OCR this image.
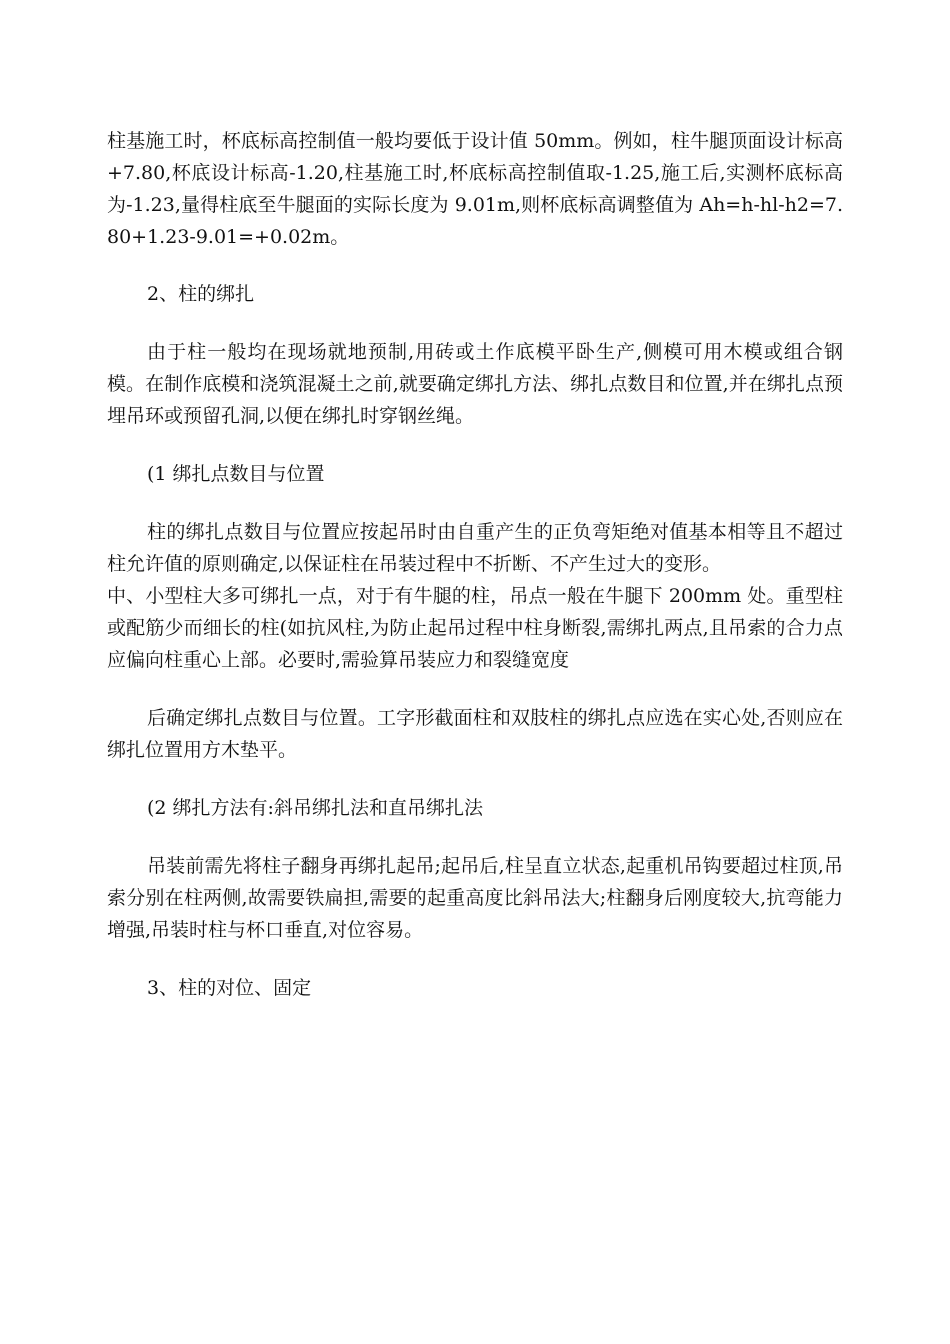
柱基施工时，杯底标高控制值一般均要低于设计值 50mm。例如，柱牛腿顶面设计标高+7.80,杯底设计标高-1.20,柱基施工时,杯底标高控制值取-1.25,施工后,实测杯底标高为-1.23,量得柱底至牛腿面的实际长度为 9.01m,则杯底标高调整值为 Ah=h-hl-h2=7.80+1.23-9.01=+0.02m。

2、柱的绑扎

由于柱一般均在现场就地预制,用砖或土作底模平卧生产,侧模可用木模或组合钢模。在制作底模和浇筑混凝土之前,就要确定绑扎方法、绑扎点数目和位置,并在绑扎点预埋吊环或预留孔洞,以便在绑扎时穿钢丝绳。

(1 绑扎点数目与位置

柱的绑扎点数目与位置应按起吊时由自重产生的正负弯矩绝对值基本相等且不超过柱允许值的原则确定,以保证柱在吊装过程中不折断、不产生过大的变形。

中、小型柱大多可绑扎一点，对于有牛腿的柱，吊点一般在牛腿下 200mm 处。重型柱或配筋少而细长的柱(如抗风柱,为防止起吊过程中柱身断裂,需绑扎两点,且吊索的合力点应偏向柱重心上部。必要时,需验算吊装应力和裂缝宽度

后确定绑扎点数目与位置。工字形截面柱和双肢柱的绑扎点应选在实心处,否则应在绑扎位置用方木垫平。

(2 绑扎方法有:斜吊绑扎法和直吊绑扎法

吊装前需先将柱子翻身再绑扎起吊;起吊后,柱呈直立状态,起重机吊钩要超过柱顶,吊索分别在柱两侧,故需要铁扁担,需要的起重高度比斜吊法大;柱翻身后刚度较大,抗弯能力增强,吊装时柱与杯口垂直,对位容易。

3、柱的对位、固定
